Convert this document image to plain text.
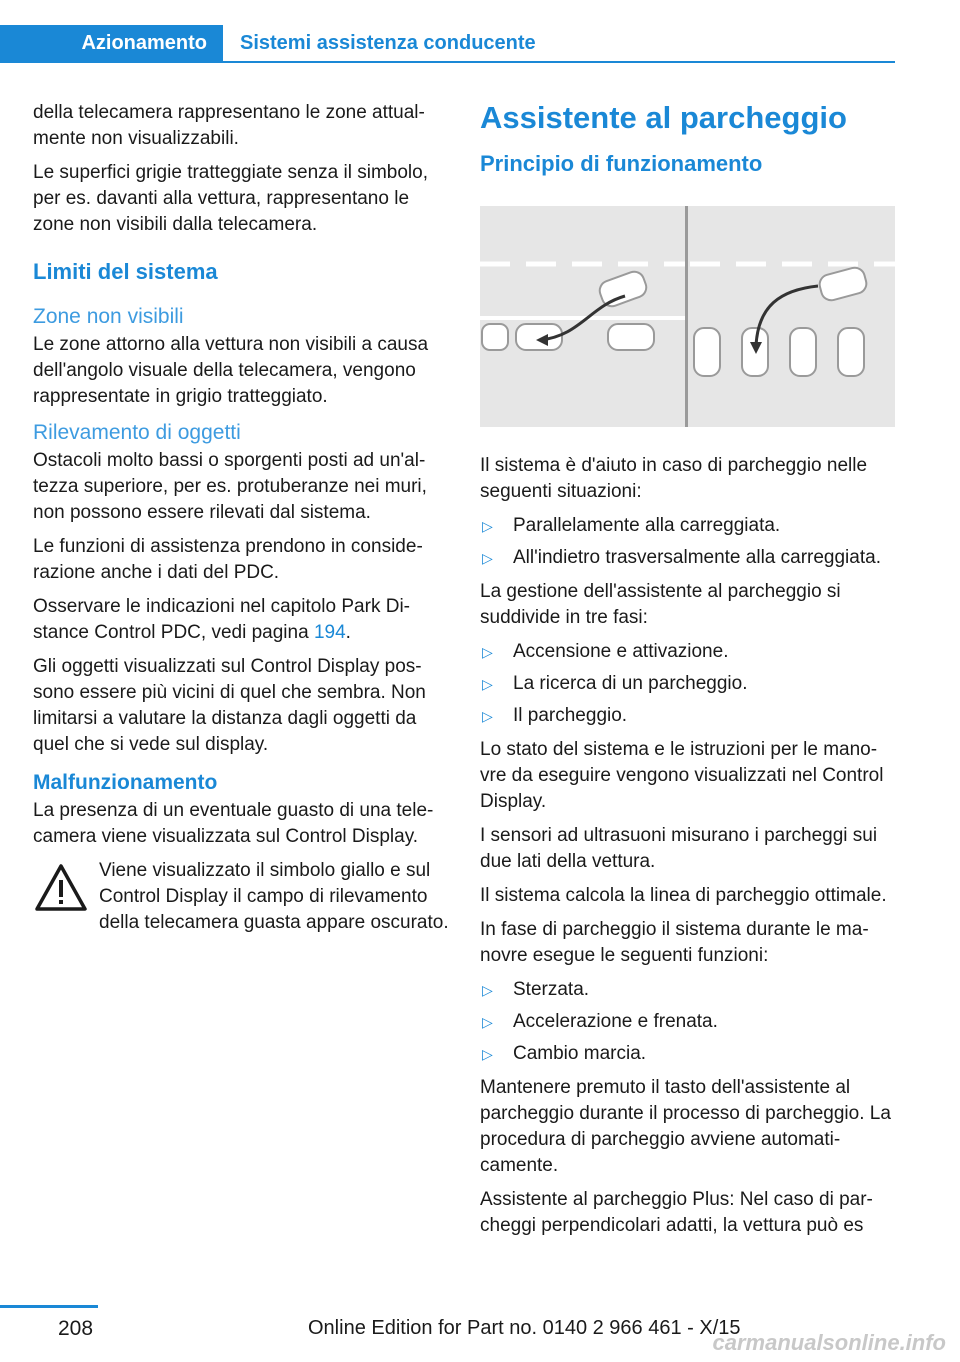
Azionamento	Sistemi assistenza conducente

della telecamera rappresentano le zone attualmente non visualizzabili.

Le superfici grigie tratteggiate senza il simbolo, per es. davanti alla vettura, rappresentano le zone non visibili dalla telecamera.

Limiti del sistema
Zone non visibili

Le zone attorno alla vettura non visibili a causa dell'angolo visuale della telecamera, vengono rappresentate in grigio tratteggiato.

Rilevamento di oggetti

Ostacoli molto bassi o sporgenti posti ad un'altezza superiore, per es. protuberanze nei muri, non possono essere rilevati dal sistema.

Le funzioni di assistenza prendono in considerazione anche i dati del PDC.

Osservare le indicazioni nel capitolo Park Distance Control PDC, vedi pagina 194.

Gli oggetti visualizzati sul Control Display possono essere più vicini di quel che sembra. Non limitarsi a valutare la distanza dagli oggetti da quel che si vede sul display.

Malfunzionamento

La presenza di un eventuale guasto di una telecamera viene visualizzata sul Control Display.

Viene visualizzato il simbolo giallo e sul Control Display il campo di rilevamento della telecamera guasta appare oscurato.
Assistente al parcheggio
Principio di funzionamento

Il sistema è d'aiuto in caso di parcheggio nelle seguenti situazioni:

▷ Parallelamente alla carreggiata.
▷ All'indietro trasversalmente alla carreggiata.

La gestione dell'assistente al parcheggio si suddivide in tre fasi:

▷ Accensione e attivazione.
▷ La ricerca di un parcheggio.
▷ Il parcheggio.

Lo stato del sistema e le istruzioni per le manovre da eseguire vengono visualizzati nel Control Display.

I sensori ad ultrasuoni misurano i parcheggi sui due lati della vettura.

Il sistema calcola la linea di parcheggio ottimale.

In fase di parcheggio il sistema durante le manovre esegue le seguenti funzioni:

▷ Sterzata.
▷ Accelerazione e frenata.
▷ Cambio marcia.

Mantenere premuto il tasto dell'assistente al parcheggio durante il processo di parcheggio. La procedura di parcheggio avviene automaticamente.

Assistente al parcheggio Plus: Nel caso di parcheggi perpendicolari adatti, la vettura può es

208	Online Edition for Part no. 0140 2 966 461 - X/15
carmanualsonline.info
